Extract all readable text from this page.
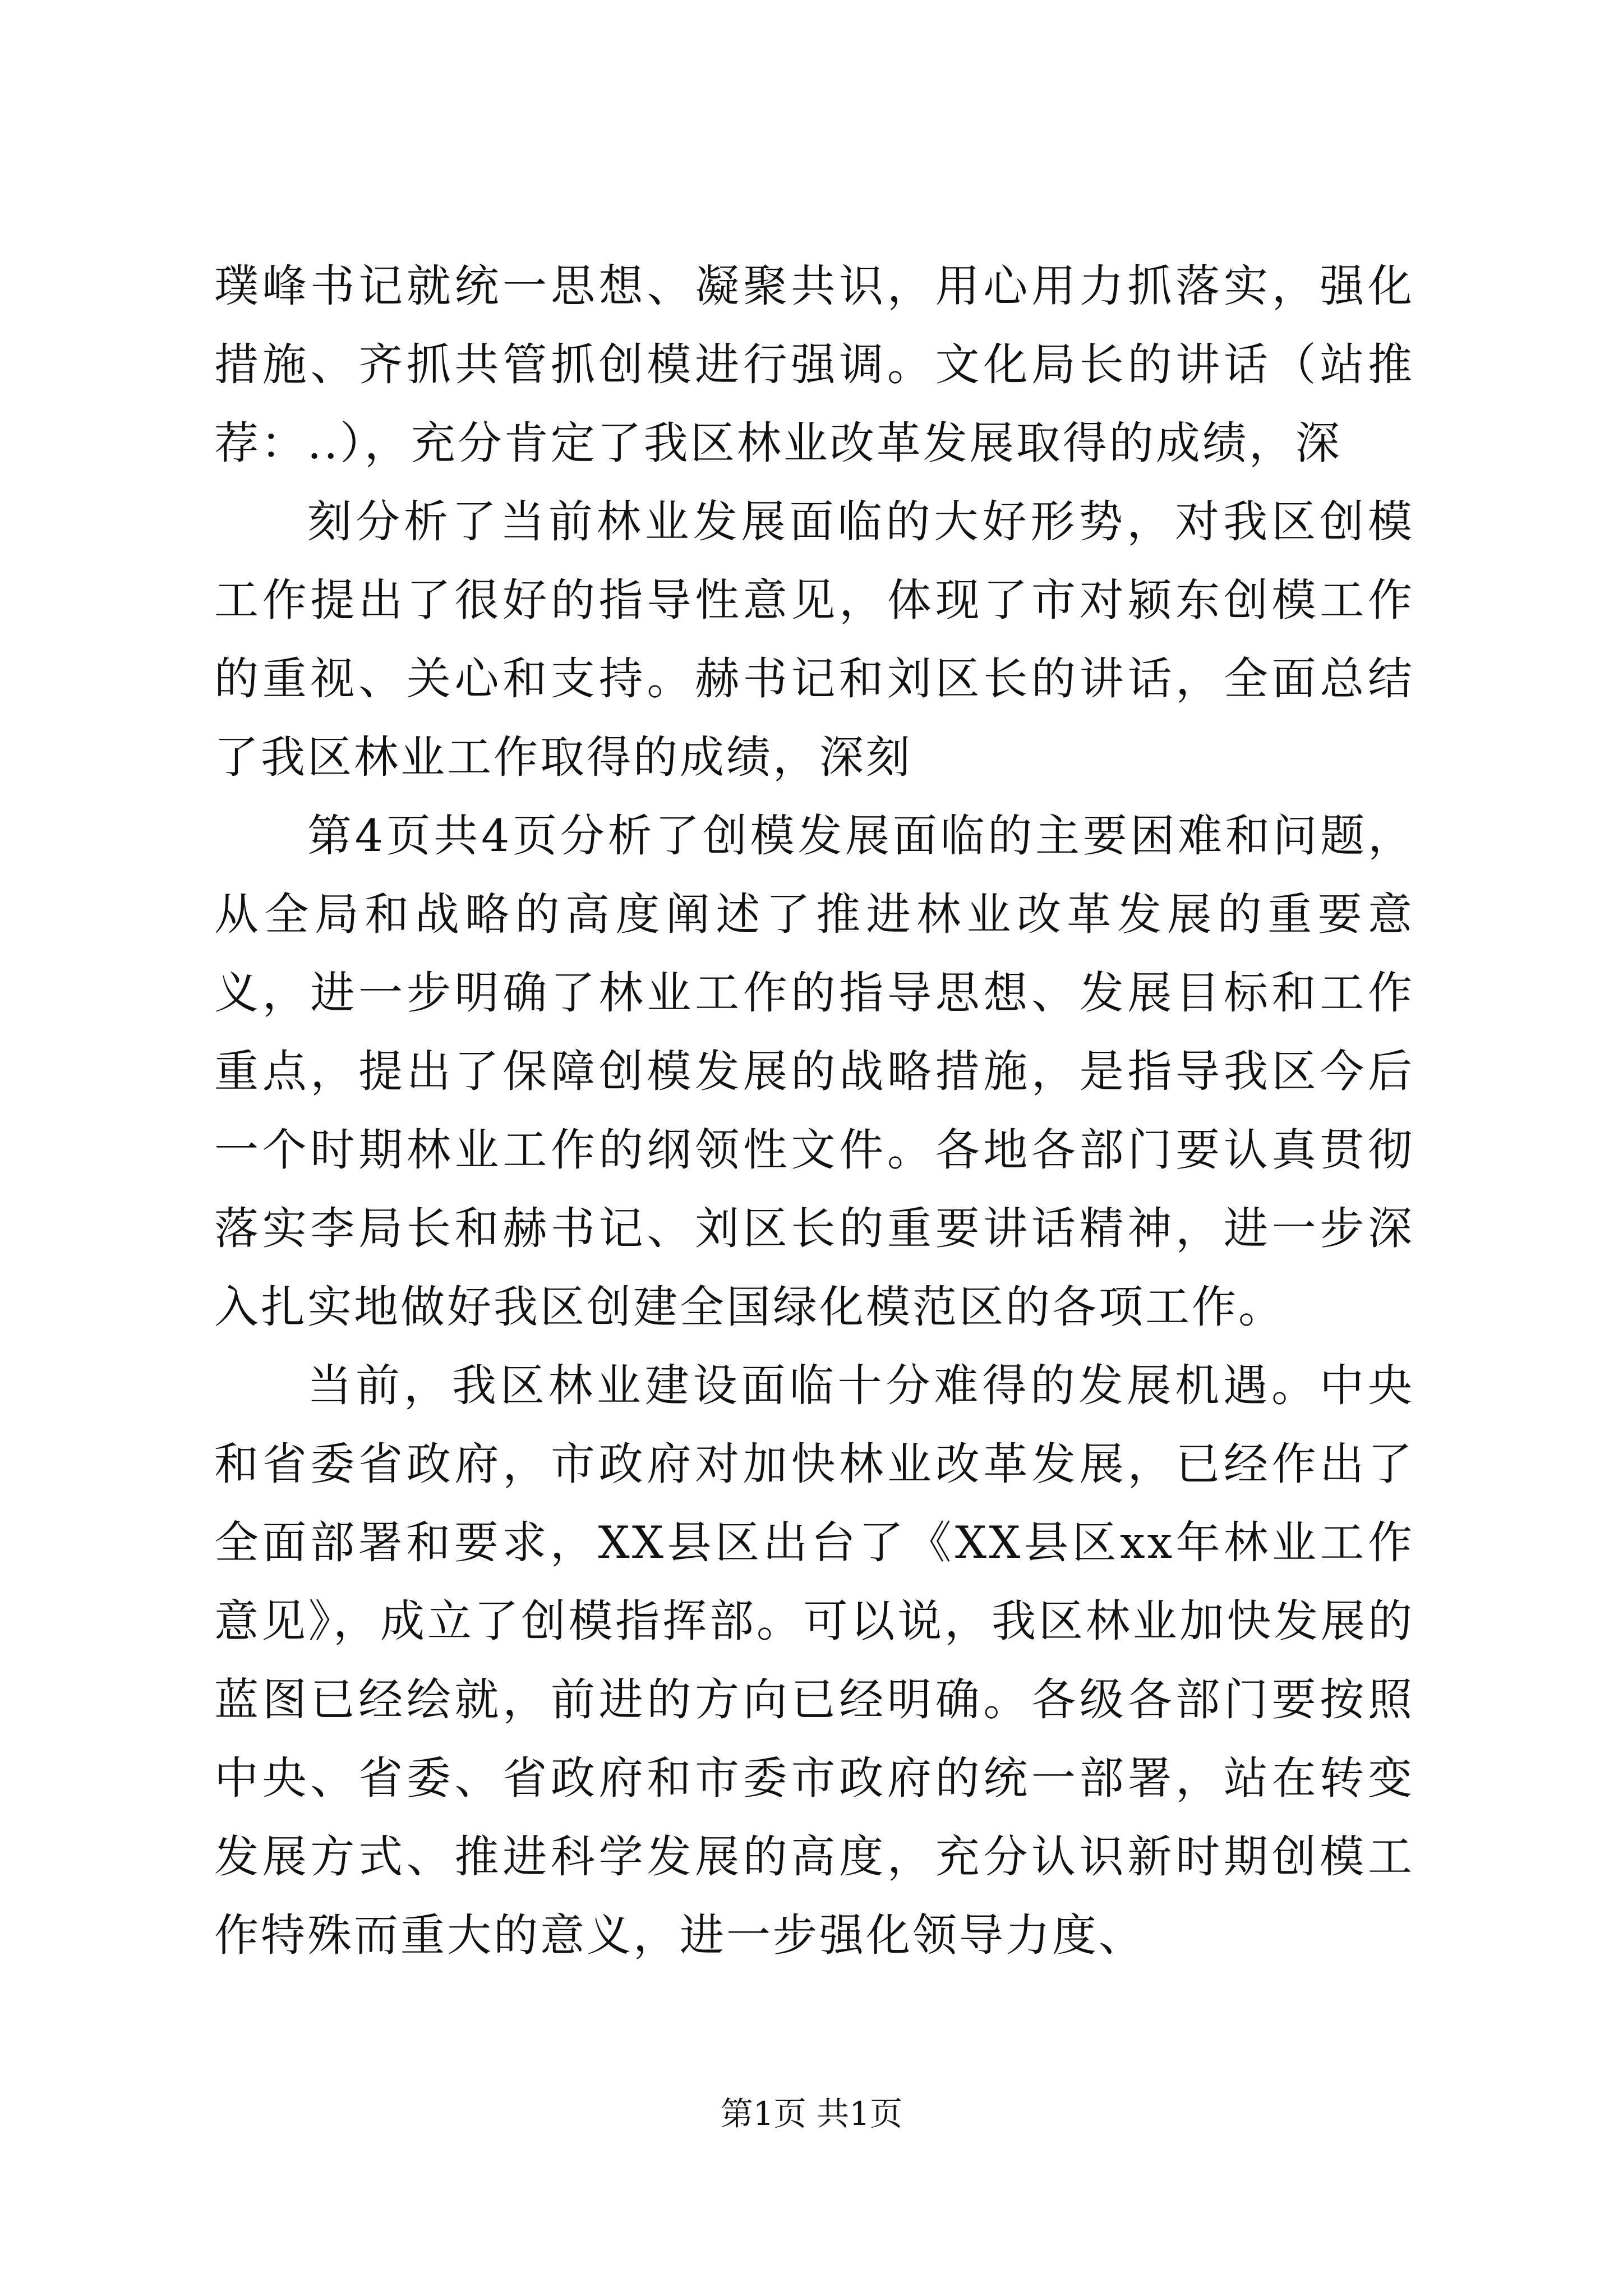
璞峰书记就统一思想、凝聚共识，用心用力抓落实，强化措施、齐抓共管抓创模进行强调。文化局长的讲话（站推荐：..），充分肯定了我区林业改革发展取得的成绩，深

刻分析了当前林业发展面临的大好形势，对我区创模工作提出了很好的指导性意见，体现了市对颍东创模工作的重视、关心和支持。赫书记和刘区长的讲话，全面总结了我区林业工作取得的成绩，深刻

第4页共4页分析了创模发展面临的主要困难和问题，从全局和战略的高度阐述了推进林业改革发展的重要意义，进一步明确了林业工作的指导思想、发展目标和工作重点，提出了保障创模发展的战略措施，是指导我区今后一个时期林业工作的纲领性文件。各地各部门要认真贯彻落实李局长和赫书记、刘区长的重要讲话精神，进一步深入扎实地做好我区创建全国绿化模范区的各项工作。

当前，我区林业建设面临十分难得的发展机遇。中央和省委省政府，市政府对加快林业改革发展，已经作出了全面部署和要求，XX县区出台了《XX县区xx年林业工作意见》，成立了创模指挥部。可以说，我区林业加快发展的蓝图已经绘就，前进的方向已经明确。各级各部门要按照中央、省委、省政府和市委市政府的统一部署，站在转变发展方式、推进科学发展的高度，充分认识新时期创模工作特殊而重大的意义，进一步强化领导力度、

第1页 共1页
